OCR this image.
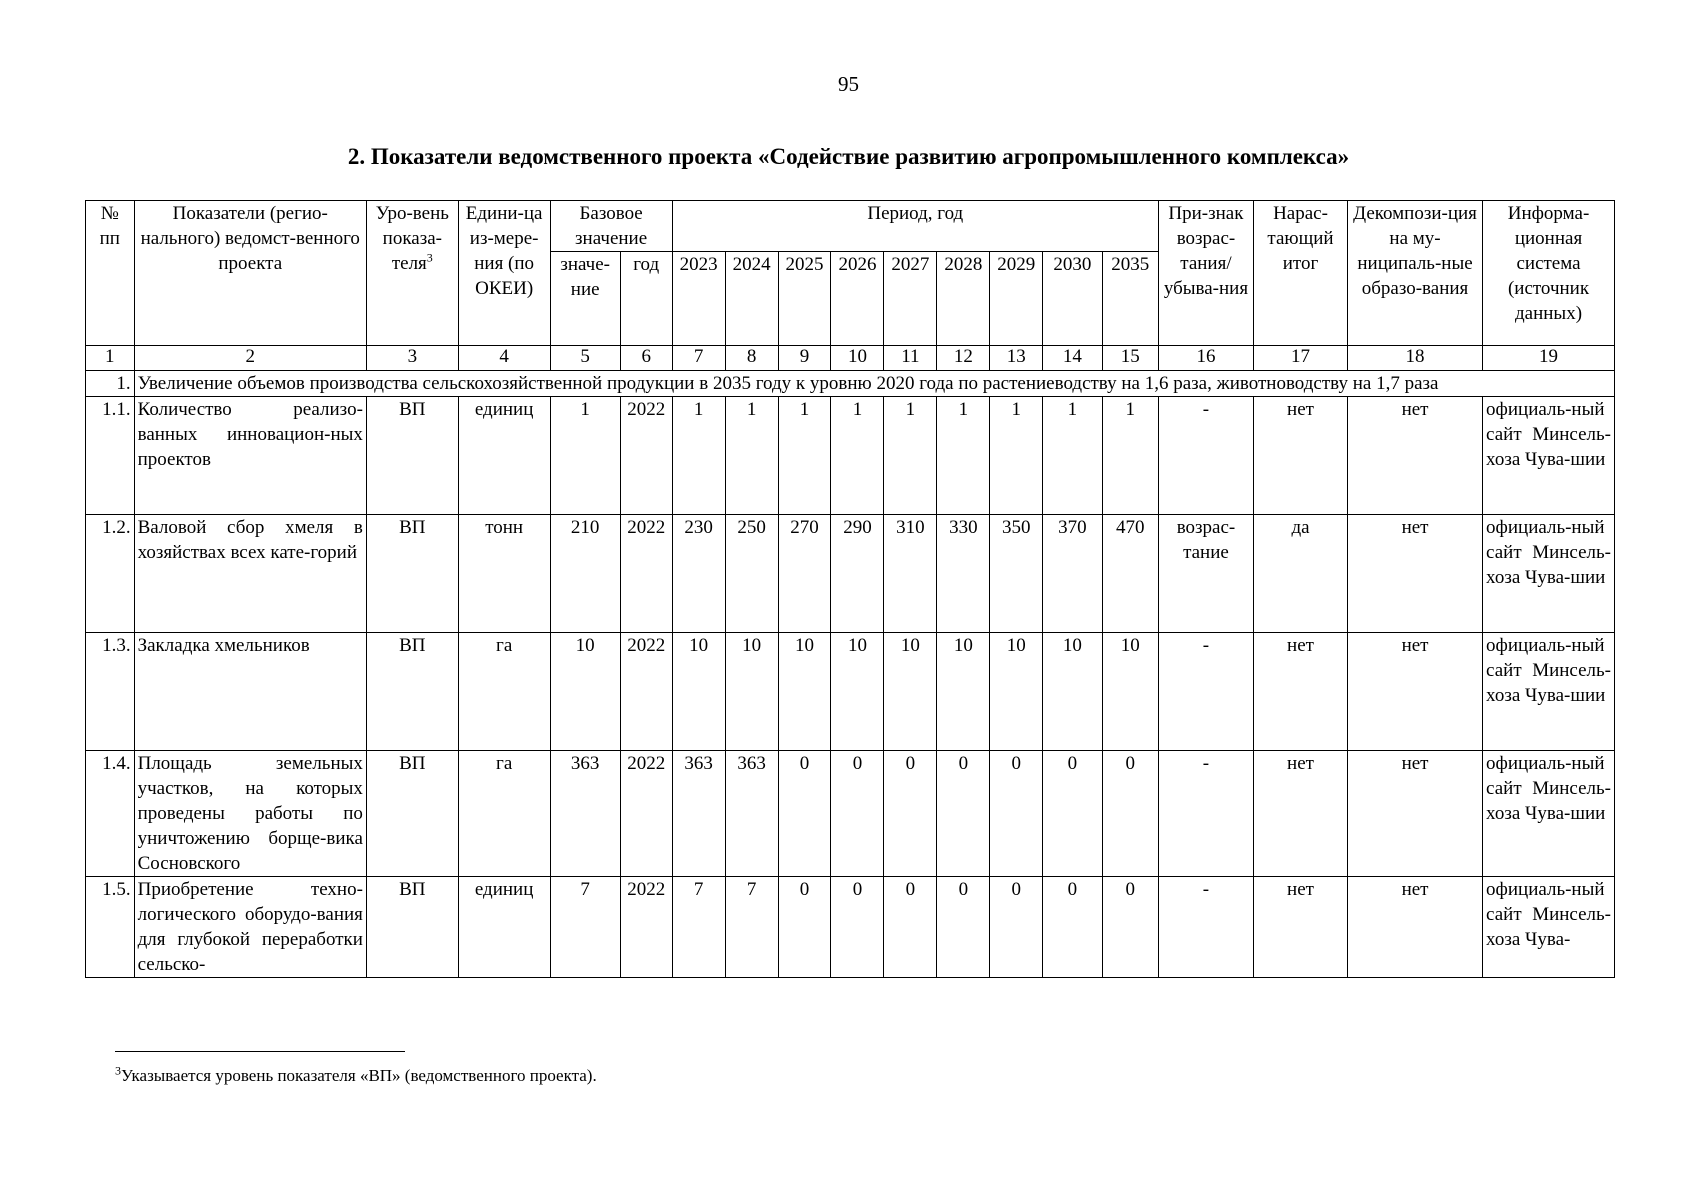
95
2. Показатели ведомственного проекта «Содействие развитию агропромышленного комплекса»
№ пп	Показатели (регио-нального) ведомст-венного проекта	Уро-вень показа-теля$^3$	Едини-ца из-мере-ния (по ОКЕИ)	Базовое значение		Период, год									При-знак возрас-тания/ убыва-ния	Нарас-тающий итог	Декомпози-ция на му-ниципаль-ные образо-вания	Информа-ционная система (источник данных)
				значе-ние	год	2023	2024	2025	2026	2027	2028	2029	2030	2035				
1	2	3	4	5	6	7	8	9	10	11	12	13	14	15	16	17	18	19
1.	Увеличение объемов производства сельскохозяйственной продукции в 2035 году к уровню 2020 года по растениеводству на 1,6 раза, животноводству на 1,7 раза																	
1.1.	Количество реализо-ванных инновацион-ных проектов	ВП	единиц	1	2022	1	1	1	1	1	1	1	1	1	-	нет	нет	официаль-ный сайт Минсель-хоза Чува-шии
1.2.	Валовой сбор хмеля в хозяйствах всех кате-горий	ВП	тонн	210	2022	230	250	270	290	310	330	350	370	470	возрас-тание	да	нет	официаль-ный сайт Минсель-хоза Чува-шии
1.3.	Закладка хмельников	ВП	га	10	2022	10	10	10	10	10	10	10	10	10	-	нет	нет	официаль-ный сайт Минсель-хоза Чува-шии
1.4.	Площадь земельных участков, на которых проведены работы по уничтожению борще-вика Сосновского	ВП	га	363	2022	363	363	0	0	0	0	0	0	0	-	нет	нет	официаль-ный сайт Минсель-хоза Чува-шии
1.5.	Приобретение техно-логического оборудо-вания для глубокой переработки сельско-	ВП	единиц	7	2022	7	7	0	0	0	0	0	0	0	-	нет	нет	официаль-ный сайт Минсель-хоза Чува-
$^3$Указывается уровень показателя «ВП» (ведомственного проекта).
